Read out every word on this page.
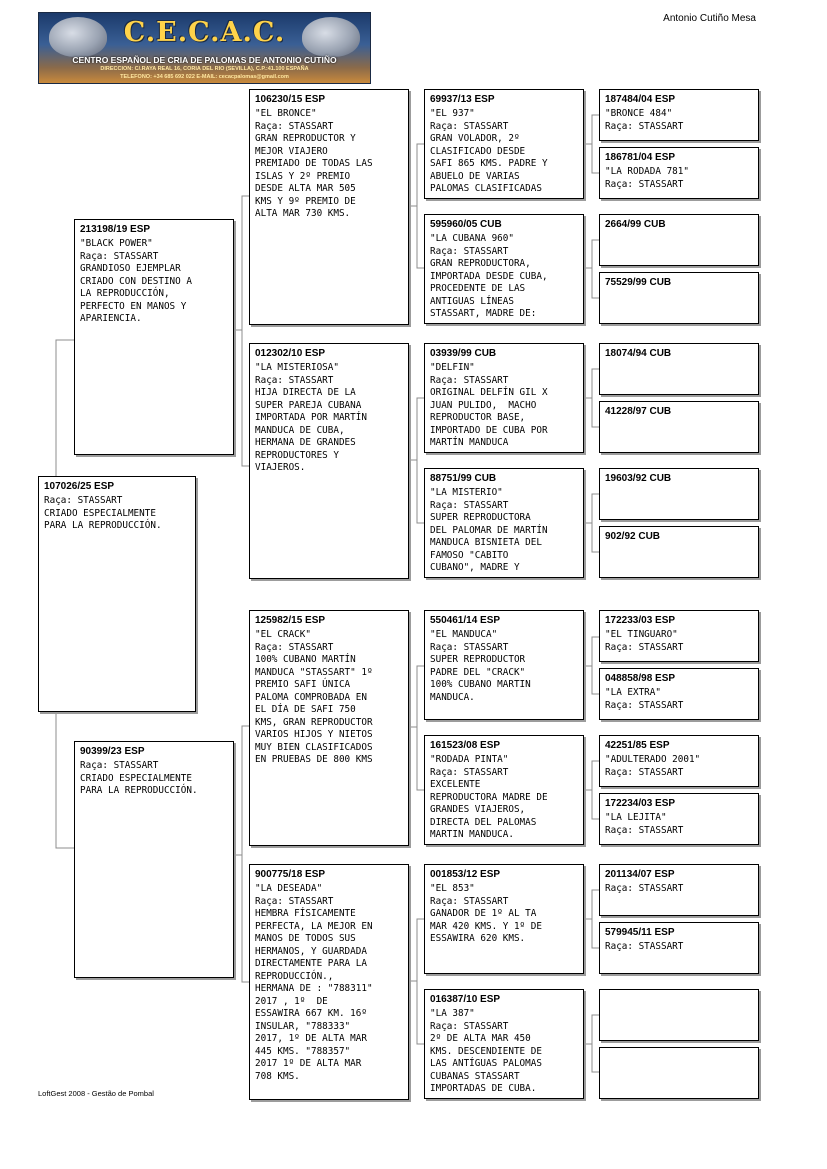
C.E.C.A.C.
CENTRO ESPAÑOL DE CRIA DE PALOMAS DE ANTONIO CUTIÑO
DIRECCION: C/.RAYA REAL 16, CORIA DEL RIO (SEVILLA), C.P.:41.100 ESPAÑA
TELEFONO: +34 685 692 022 E-MAIL: cecacpalomas@gmail.com
Antonio Cutiño Mesa
107026/25 ESP
Raça: STASSART
CRIADO ESPECIALMENTE
PARA LA REPRODUCCIÓN.
213198/19 ESP
"BLACK POWER"
Raça: STASSART
GRANDIOSO EJEMPLAR
CRIADO CON DESTINO A
LA REPRODUCCIÓN,
PERFECTO EN MANOS Y
APARIENCIA.
90399/23 ESP
Raça: STASSART
CRIADO ESPECIALMENTE
PARA LA REPRODUCCIÓN.
106230/15 ESP
"EL BRONCE"
Raça: STASSART
GRAN REPRODUCTOR Y
MEJOR VIAJERO
PREMIADO DE TODAS LAS
ISLAS Y 2º PREMIO
DESDE ALTA MAR 505
KMS Y 9º PREMIO DE
ALTA MAR 730 KMS.
012302/10 ESP
"LA MISTERIOSA"
Raça: STASSART
HIJA DIRECTA DE LA
SUPER PAREJA CUBANA
IMPORTADA POR MARTÍN
MANDUCA DE CUBA,
HERMANA DE GRANDES
REPRODUCTORES Y
VIAJEROS.
125982/15 ESP
"EL CRACK"
Raça: STASSART
100% CUBANO MARTÍN
MANDUCA "STASSART" 1º
PREMIO SAFI ÚNICA
PALOMA COMPROBADA EN
EL DÍA DE SAFI 750
KMS, GRAN REPRODUCTOR
VARIOS HIJOS Y NIETOS
MUY BIEN CLASIFICADOS
EN PRUEBAS DE 800 KMS
900775/18 ESP
"LA DESEADA"
Raça: STASSART
HEMBRA FÍSICAMENTE
PERFECTA, LA MEJOR EN
MANOS DE TODOS SUS
HERMANOS, Y GUARDADA
DIRECTAMENTE PARA LA
REPRODUCCIÓN.,
HERMANA DE : "788311"
2017 , 1º  DE
ESSAWIRA 667 KM. 16º
INSULAR, "788333"
2017, 1º DE ALTA MAR
445 KMS. "788357"
2017 1º DE ALTA MAR
708 KMS.
69937/13 ESP
"EL 937"
Raça: STASSART
GRAN VOLADOR, 2º
CLASIFICADO DESDE
SAFI 865 KMS. PADRE Y
ABUELO DE VARIAS
PALOMAS CLASIFICADAS
595960/05 CUB
"LA CUBANA 960"
Raça: STASSART
GRAN REPRODUCTORA,
IMPORTADA DESDE CUBA,
PROCEDENTE DE LAS
ANTIGUAS LÍNEAS
STASSART, MADRE DE:
03939/99 CUB
"DELFIN"
Raça: STASSART
ORIGINAL DELFÍN GIL X
JUAN PULIDO,  MACHO
REPRODUCTOR BASE,
IMPORTADO DE CUBA POR
MARTÍN MANDUCA
88751/99 CUB
"LA MISTERIO"
Raça: STASSART
SUPER REPRODUCTORA
DEL PALOMAR DE MARTÍN
MANDUCA BISNIETA DEL
FAMOSO "CABITO
CUBANO", MADRE Y
550461/14 ESP
"EL MANDUCA"
Raça: STASSART
SUPER REPRODUCTOR
PADRE DEL "CRACK"
100% CUBANO MARTIN
MANDUCA.
161523/08 ESP
"RODADA PINTA"
Raça: STASSART
EXCELENTE
REPRODUCTORA MADRE DE
GRANDES VIAJEROS,
DIRECTA DEL PALOMAS
MARTIN MANDUCA.
001853/12 ESP
"EL 853"
Raça: STASSART
GANADOR DE 1º AL TA
MAR 420 KMS. Y 1º DE
ESSAWIRA 620 KMS.
016387/10 ESP
"LA 387"
Raça: STASSART
2º DE ALTA MAR 450
KMS. DESCENDIENTE DE
LAS ANTÍGUAS PALOMAS
CUBANAS STASSART
IMPORTADAS DE CUBA.
187484/04 ESP
"BRONCE 484"
Raça: STASSART
186781/04 ESP
"LA RODADA 781"
Raça: STASSART
2664/99 CUB
75529/99 CUB
18074/94 CUB
41228/97 CUB
19603/92 CUB
902/92 CUB
172233/03 ESP
"EL TINGUARO"
Raça: STASSART
048858/98 ESP
"LA EXTRA"
Raça: STASSART
42251/85 ESP
"ADULTERADO 2001"
Raça: STASSART
172234/03 ESP
"LA LEJITA"
Raça: STASSART
201134/07 ESP
Raça: STASSART
579945/11 ESP
Raça: STASSART
LoftGest 2008 - Gestão de Pombal
